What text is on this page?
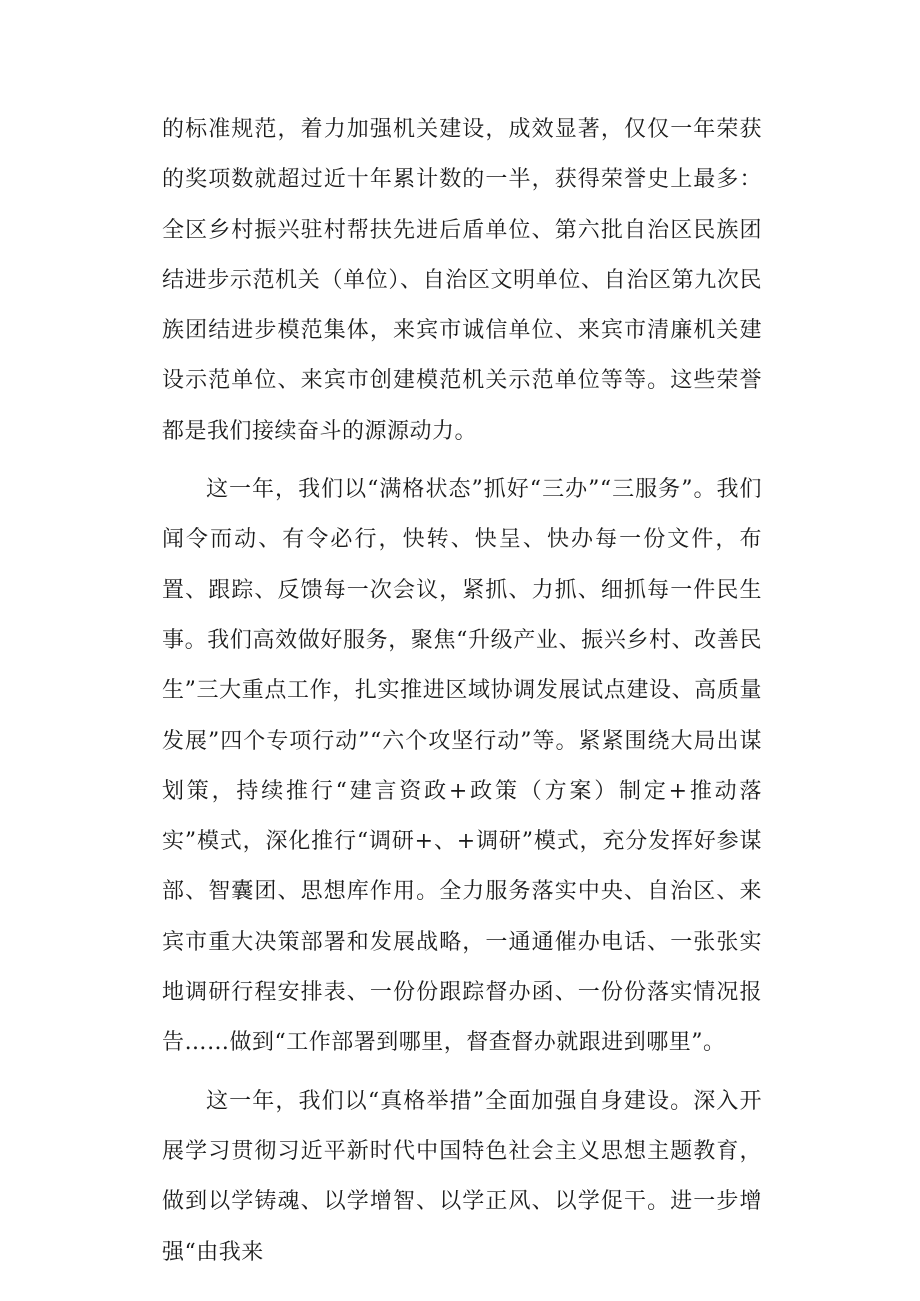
的标准规范，着力加强机关建设，成效显著，仅仅一年荣获的奖项数就超过近十年累计数的一半，获得荣誉史上最多：全区乡村振兴驻村帮扶先进后盾单位、第六批自治区民族团结进步示范机关（单位）、自治区文明单位、自治区第九次民族团结进步模范集体，来宾市诚信单位、来宾市清廉机关建设示范单位、来宾市创建模范机关示范单位等等。这些荣誉都是我们接续奋斗的源源动力。

这一年，我们以“满格状态”抓好“三办”“三服务”。我们闻令而动、有令必行，快转、快呈、快办每一份文件，布置、跟踪、反馈每一次会议，紧抓、力抓、细抓每一件民生事。我们高效做好服务，聚焦“升级产业、振兴乡村、改善民生”三大重点工作，扎实推进区域协调发展试点建设、高质量发展”四个专项行动”“六个攻坚行动”等。紧紧围绕大局出谋划策，持续推行“建言资政+政策（方案）制定+推动落实”模式，深化推行“调研+、+调研”模式，充分发挥好参谋部、智囊团、思想库作用。全力服务落实中央、自治区、来宾市重大决策部署和发展战略，一通通催办电话、一张张实地调研行程安排表、一份份跟踪督办函、一份份落实情况报告……做到“工作部署到哪里，督查督办就跟进到哪里”。

这一年，我们以“真格举措”全面加强自身建设。深入开展学习贯彻习近平新时代中国特色社会主义思想主题教育，做到以学铸魂、以学增智、以学正风、以学促干。进一步增强“由我来
